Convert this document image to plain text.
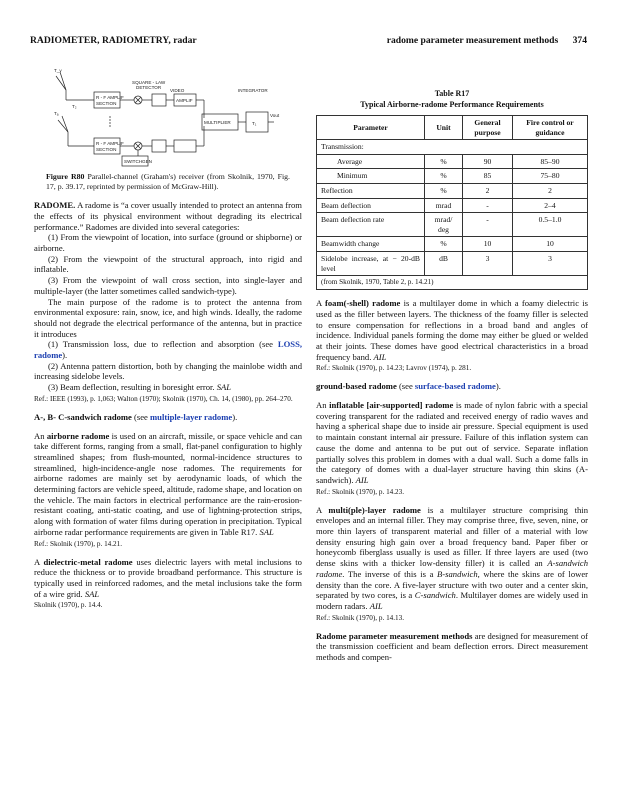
RADIOMETER, RADIOMETRY, radar	radome parameter measurement methods 374
T_v
Tₐ
R - F AMPLIF
SECTION
R - F AMPLIF
SECTION
SQUARE - LAW
DETECTOR
VIDEO
AMPLIF
MULTIPLIER
INTEGRATOR
T₁
Vout
SWITCH GEN
T₂

Figure R80 Parallel-channel (Graham's) receiver (from Skolnik, 1970, Fig. 17, p. 39.17, reprinted by permission of McGraw-Hill).

RADOME. A radome is “a cover usually intended to protect an antenna from the effects of its physical environment without degrading its electrical performance.” Radomes are divided into several categories:

(1) From the viewpoint of location, into surface (ground or shipborne) or airborne.

(2) From the viewpoint of the structural approach, into rigid and inflatable.

(3) From the viewpoint of wall cross section, into single-layer and multiple-layer (the latter sometimes called sandwich-type).

The main purpose of the radome is to protect the antenna from environmental exposure: rain, snow, ice, and high winds. Ideally, the radome should not degrade the electrical performance of the antenna, but in practice it introduces

(1) Transmission loss, due to reflection and absorption (see LOSS, radome).

(2) Antenna pattern distortion, both by changing the mainlobe width and increasing sidelobe levels.

(3) Beam deflection, resulting in boresight error. SAL

Ref.: IEEE (1993), p. 1,063; Walton (1970); Skolnik (1970), Ch. 14, (1980), pp. 264–270.

A-, B- C-sandwich radome (see multiple-layer radome).

An airborne radome is used on an aircraft, missile, or space vehicle and can take different forms, ranging from a small, flat-panel configuration to highly streamlined shapes; from flush-mounted, normal-incidence structures to streamlined, high-incidence-angle nose radomes. The requirements for airborne radomes are mainly set by aerodynamic loads, of which the determining factors are vehicle speed, altitude, radome shape, and location on the vehicle. The main factors in electrical performance are the rain-erosion-resistant coating, anti-static coating, and use of lightning-protection strips, along with formation of water films during operation in precipitation. Typical airborne radar performance requirements are given in Table R17. SAL

Ref.: Skolnik (1970), p. 14.21.

A dielectric-metal radome uses dielectric layers with metal inclusions to reduce the thickness or to provide broadband performance. This structure is typically used in reinforced radomes, and the metal inclusions take the form of a wire grid. SAL

Skolnik (1970), p. 14.4.

Table R17
Typical Airborne-radome Performance Requirements
Parameter	Unit	General purpose	Fire control or guidance
Transmission:			
Average	%	90	85–90
Minimum	%	85	75–80
Reflection	%	2	2
Beam deflection	mrad	-	2–4
Beam deflection rate	mrad/ deg	-	0.5–1.0
Beamwidth change	%	10	10
Sidelobe increase, at − 20-dB level	dB	3	3
(from Skolnik, 1970, Table 2, p. 14.21)

A foam(-shell) radome is a multilayer dome in which a foamy dielectric is used as the filler between layers. The thickness of the foamy filler is selected to ensure compensation for reflections in a broad band and angles of incidence. Individual panels forming the dome may either be glued or welded at their joints. These domes have good electrical characteristics in a broad frequency band. AIL

Ref.: Skolnik (1970), p. 14.23; Lavrov (1974), p. 281.

ground-based radome (see surface-based radome).

An inflatable [air-supported] radome is made of nylon fabric with a special covering transparent for the radiated and received energy of radio waves and having a spherical shape due to inside air pressure. Special equipment is used to maintain constant internal air pressure. Failure of this inflation system can cause the dome and antenna to be put out of service. Separate inflation partially solves this problem in domes with a dual wall. Such a dome falls in the category of domes with a dual-layer structure having thin skins (A-sandwich). AIL

Ref.: Skolnik (1970), p. 14.23.

A multi(ple)-layer radome is a multilayer structure comprising thin envelopes and an internal filler. They may comprise three, five, seven, nine, or more thin layers of transparent material and filler of a material with low density ensuring high gain over a broad frequency band. Paper fiber or honeycomb fiberglass usually is used as filler. If three layers are used (two dense skins with a thicker low-density filler) it is called an A-sandwich radome. The inverse of this is a B-sandwich, where the skins are of lower density than the core. A five-layer structure with two outer and a center skin, separated by two cores, is a C-sandwich. Multilayer domes are widely used in modern radars. AIL

Ref.: Skolnik (1970), p. 14.13.

Radome parameter measurement methods are designed for measurement of the transmission coefficient and beam deflection errors. Direct measurement methods and compen-
